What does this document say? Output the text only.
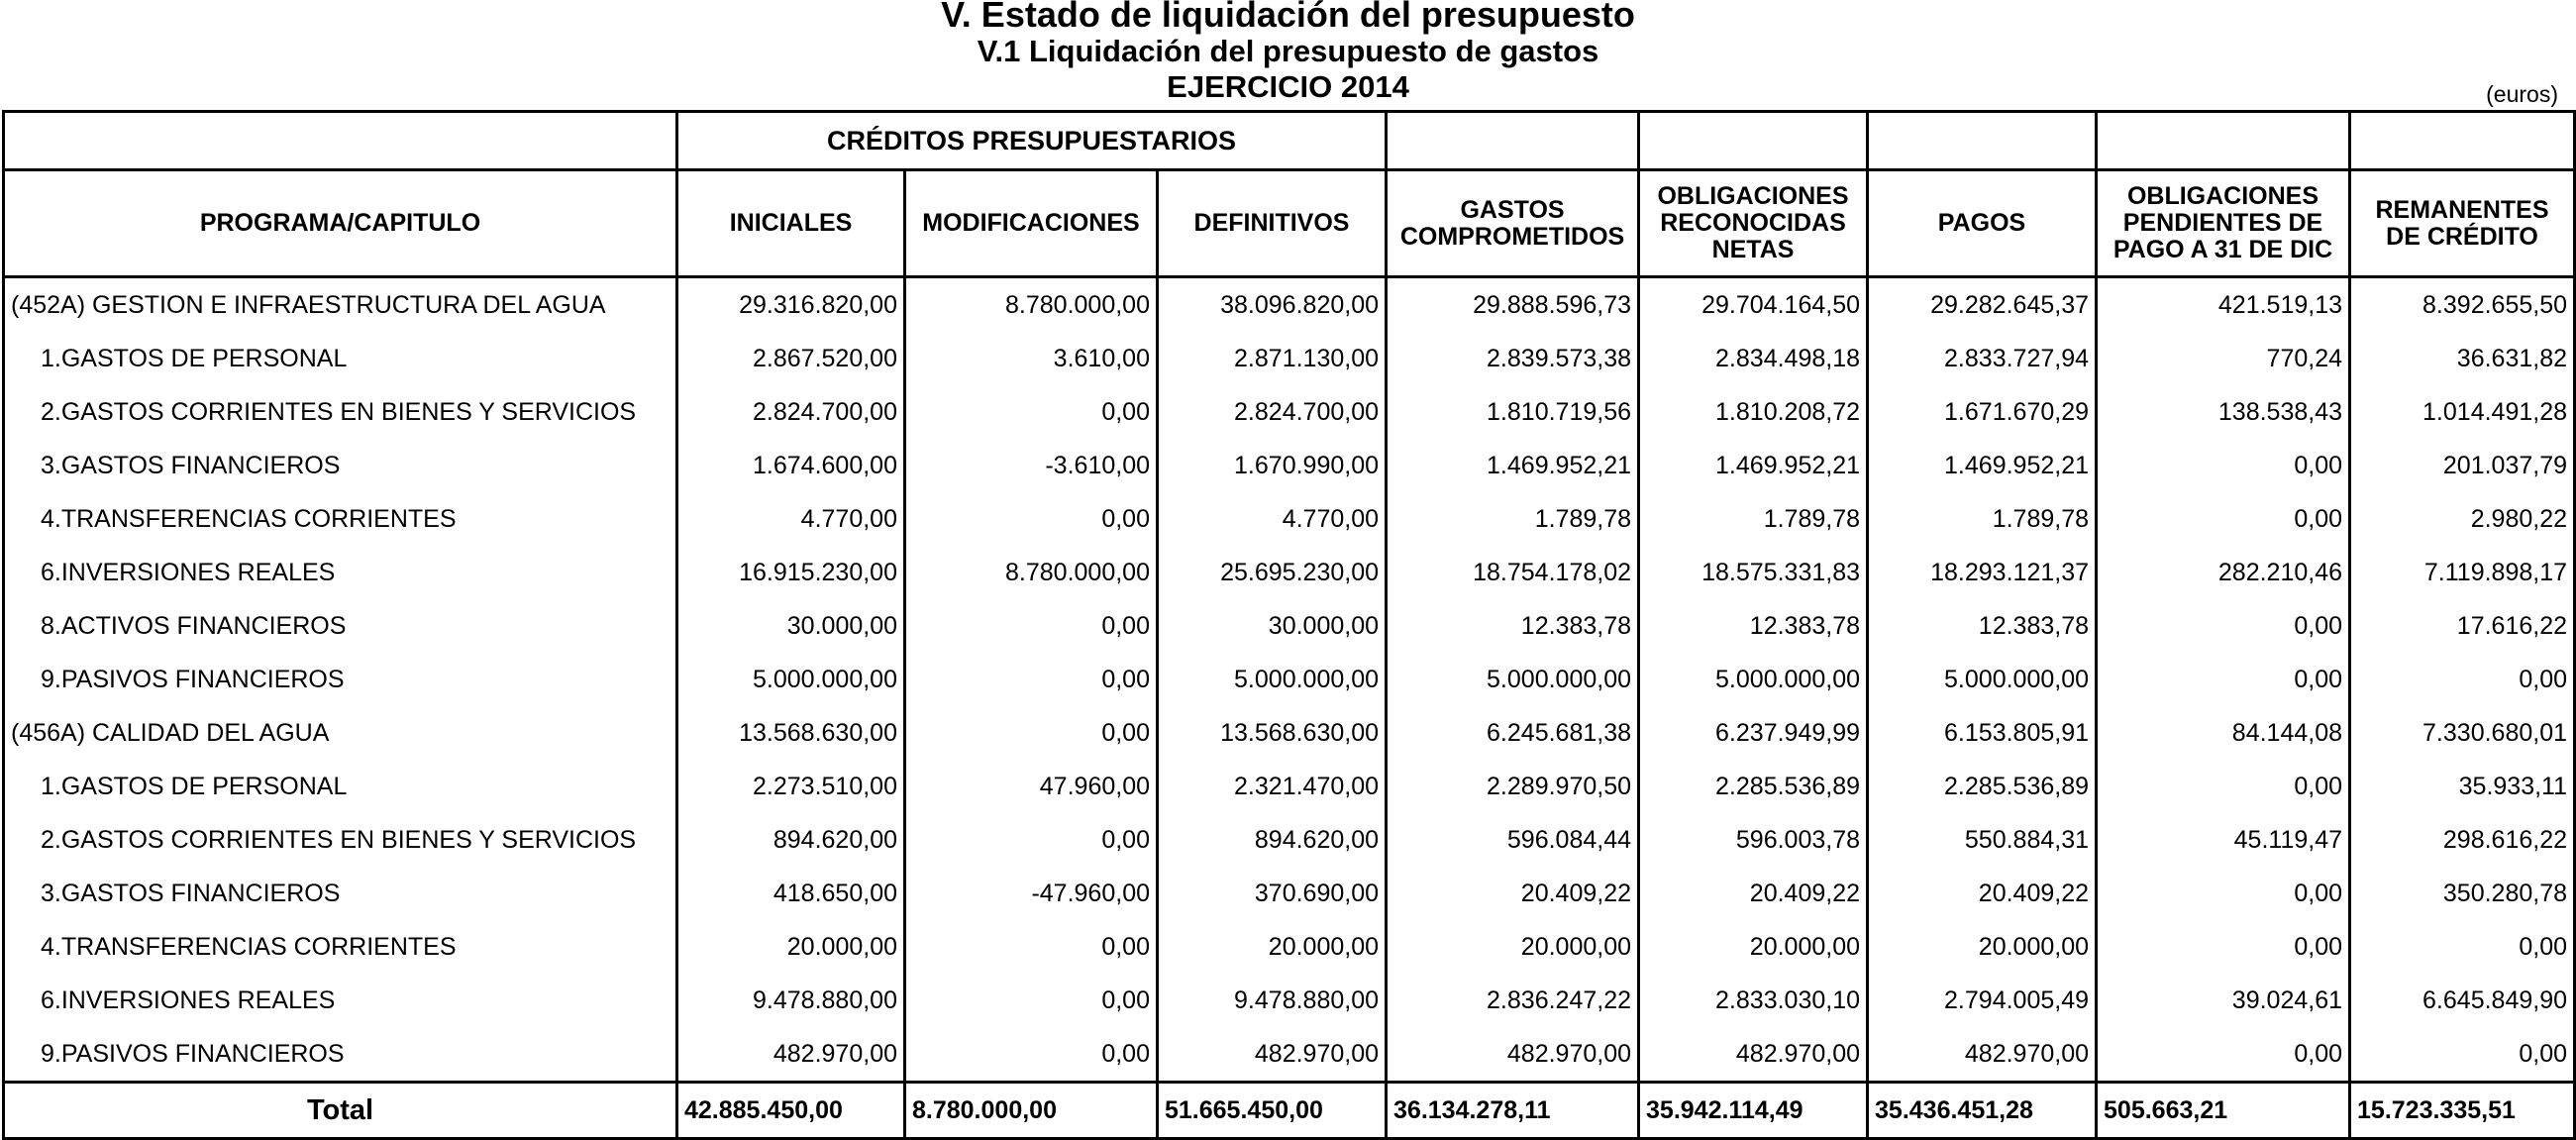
V. Estado de liquidación del presupuesto
V.1 Liquidación del presupuesto de gastos
EJERCICIO 2014	(euros)
	CRÉDITOS PRESUPUESTARIOS							
PROGRAMA/CAPITULO	INICIALES	MODIFICACIONES	DEFINITIVOS	GASTOS COMPROMETIDOS	OBLIGACIONES RECONOCIDAS NETAS	PAGOS	OBLIGACIONES PENDIENTES DE PAGO A 31 DE DIC	REMANENTES DE CRÉDITO
(452A) GESTION E INFRAESTRUCTURA DEL AGUA	29.316.820,00	8.780.000,00	38.096.820,00	29.888.596,73	29.704.164,50	29.282.645,37	421.519,13	8.392.655,50
1.GASTOS DE PERSONAL	2.867.520,00	3.610,00	2.871.130,00	2.839.573,38	2.834.498,18	2.833.727,94	770,24	36.631,82
2.GASTOS CORRIENTES EN BIENES Y SERVICIOS	2.824.700,00	0,00	2.824.700,00	1.810.719,56	1.810.208,72	1.671.670,29	138.538,43	1.014.491,28
3.GASTOS FINANCIEROS	1.674.600,00	-3.610,00	1.670.990,00	1.469.952,21	1.469.952,21	1.469.952,21	0,00	201.037,79
4.TRANSFERENCIAS CORRIENTES	4.770,00	0,00	4.770,00	1.789,78	1.789,78	1.789,78	0,00	2.980,22
6.INVERSIONES REALES	16.915.230,00	8.780.000,00	25.695.230,00	18.754.178,02	18.575.331,83	18.293.121,37	282.210,46	7.119.898,17
8.ACTIVOS FINANCIEROS	30.000,00	0,00	30.000,00	12.383,78	12.383,78	12.383,78	0,00	17.616,22
9.PASIVOS FINANCIEROS	5.000.000,00	0,00	5.000.000,00	5.000.000,00	5.000.000,00	5.000.000,00	0,00	0,00
(456A) CALIDAD DEL AGUA	13.568.630,00	0,00	13.568.630,00	6.245.681,38	6.237.949,99	6.153.805,91	84.144,08	7.330.680,01
1.GASTOS DE PERSONAL	2.273.510,00	47.960,00	2.321.470,00	2.289.970,50	2.285.536,89	2.285.536,89	0,00	35.933,11
2.GASTOS CORRIENTES EN BIENES Y SERVICIOS	894.620,00	0,00	894.620,00	596.084,44	596.003,78	550.884,31	45.119,47	298.616,22
3.GASTOS FINANCIEROS	418.650,00	-47.960,00	370.690,00	20.409,22	20.409,22	20.409,22	0,00	350.280,78
4.TRANSFERENCIAS CORRIENTES	20.000,00	0,00	20.000,00	20.000,00	20.000,00	20.000,00	0,00	0,00
6.INVERSIONES REALES	9.478.880,00	0,00	9.478.880,00	2.836.247,22	2.833.030,10	2.794.005,49	39.024,61	6.645.849,90
9.PASIVOS FINANCIEROS	482.970,00	0,00	482.970,00	482.970,00	482.970,00	482.970,00	0,00	0,00
Total	42.885.450,00	8.780.000,00	51.665.450,00	36.134.278,11	35.942.114,49	35.436.451,28	505.663,21	15.723.335,51
